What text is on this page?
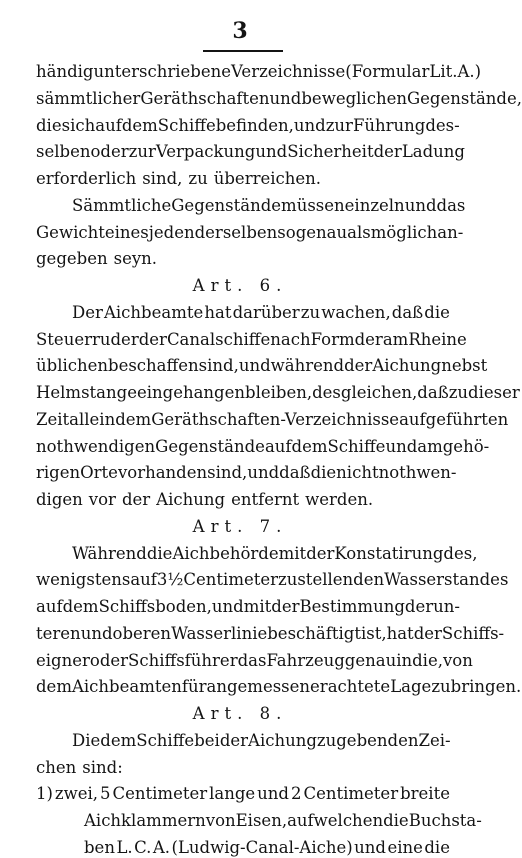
3
händig unterschriebene Verzeichnisse (Formular Lit. A.)
sämmtlicher Geräthschaften und beweglichen Gegenstände,
die sich auf dem Schiffe befinden, und zur Führung des-
selben oder zur Verpackung und Sicherheit der Ladung
erforderlich sind, zu überreichen.
Sämmtliche Gegenstände müssen einzeln und das
Gewicht eines jeden derselben so genau als möglich an-
gegeben seyn.
Art. 6.
Der Aichbeamte hat darüber zu wachen, daß die
Steuerruder der Canalschiffe nach Form der am Rheine
üblichen beschaffen sind, und während der Aichung nebst
Helmstange eingehangen bleiben, desgleichen, daß zu dieser
Zeit alle in dem Geräthschaften-Verzeichnisse aufgeführten
nothwendigen Gegenstände auf dem Schiffe und am gehö-
rigen Orte vorhanden sind, und daß die nicht nothwen-
digen vor der Aichung entfernt werden.
Art. 7.
Während die Aichbehörde mit der Konstatirung des,
wenigstens auf 3½ Centimeter zu stellenden Wasserstandes
auf dem Schiffsboden, und mit der Bestimmung der un-
teren und oberen Wasserlinie beschäftigt ist, hat der Schiffs-
eigner oder Schiffsführer das Fahrzeug genau in die, von
dem Aichbeamten für angemessen erachtete Lage zu bringen.
Art. 8.
Die dem Schiffe bei der Aichung zu gebenden Zei-
chen sind:
1) zwei, 5 Centimeter lange und 2 Centimeter breite
Aichklammern von Eisen, auf welchen die Buchsta-
ben L. C. A. (Ludwig-Canal-Aiche) und eine die
